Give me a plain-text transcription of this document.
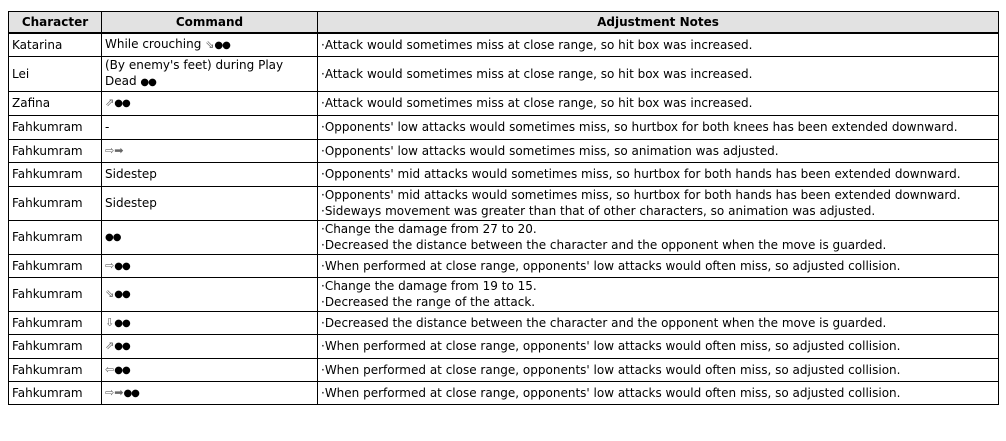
Character	Command	Adjustment Notes
Katarina	While crouching ⇘●●	·Attack would sometimes miss at close range, so hit box was increased.

Lei	(By enemy's feet) during Play Dead ●●	·Attack would sometimes miss at close range, so hit box was increased.

Zafina	⇗●●	·Attack would sometimes miss at close range, so hit box was increased.

Fahkumram	-	·Opponents' low attacks would sometimes miss, so hurtbox for both knees has been extended downward.

Fahkumram	⇨➡	·Opponents' low attacks would sometimes miss, so animation was adjusted.

Fahkumram	Sidestep	·Opponents' mid attacks would sometimes miss, so hurtbox for both hands has been extended downward.

Fahkumram	Sidestep	·Opponents' mid attacks would sometimes miss, so hurtbox for both hands has been extended downward.
·Sideways movement was greater than that of other characters, so animation was adjusted.

Fahkumram	●●	·Change the damage from 27 to 20.
·Decreased the distance between the character and the opponent when the move is guarded.

Fahkumram	⇨●●	·When performed at close range, opponents' low attacks would often miss, so adjusted collision.

Fahkumram	⇘●●	·Change the damage from 19 to 15.
·Decreased the range of the attack.

Fahkumram	⇩●●	·Decreased the distance between the character and the opponent when the move is guarded.

Fahkumram	⇗●●	·When performed at close range, opponents' low attacks would often miss, so adjusted collision.

Fahkumram	⇦●●	·When performed at close range, opponents' low attacks would often miss, so adjusted collision.

Fahkumram	⇨➡●●	·When performed at close range, opponents' low attacks would often miss, so adjusted collision.
